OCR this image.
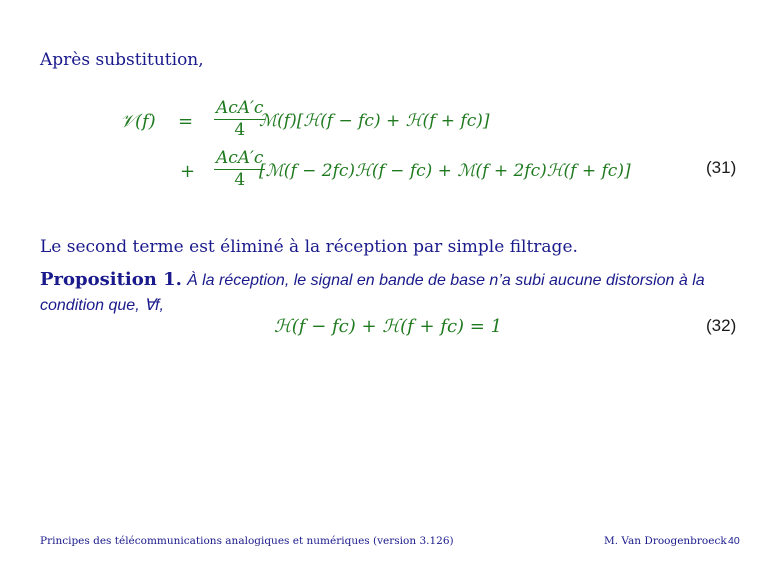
Après substitution,
𝒱(f) =
AcA′c
4 ℳ(f)[ℋ(f − fc) + ℋ(f + fc)]
+
AcA′c
4 [ℳ(f − 2fc)ℋ(f − fc) + ℳ(f + 2fc)ℋ(f + fc)]	(31)
Le second terme est éliminé à la réception par simple filtrage.
Proposition 1. À la réception, le signal en bande de base n’a subi aucune distorsion à la condition que, ∀f,
ℋ(f − fc) + ℋ(f + fc) = 1	(32)
Principes des télécommunications analogiques et numériques (version 3.126)	M. Van Droogenbroeck 40
